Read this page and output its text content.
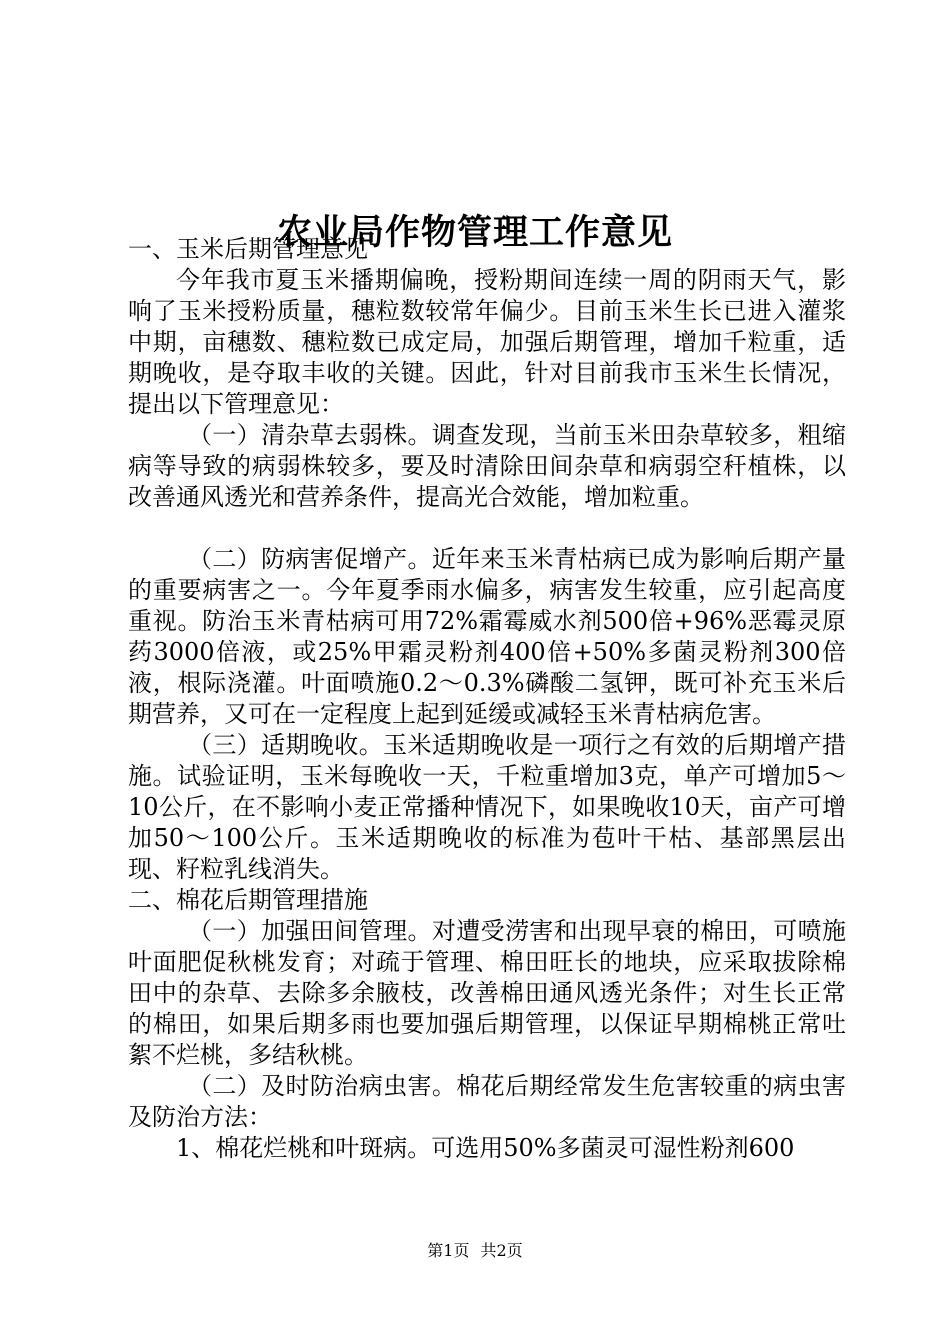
农业局作物管理工作意见

一、玉米后期管理意见

今年我市夏玉米播期偏晚，授粉期间连续一周的阴雨天气，影响了玉米授粉质量，穗粒数较常年偏少。目前玉米生长已进入灌浆中期，亩穗数、穗粒数已成定局，加强后期管理，增加千粒重，适期晚收，是夺取丰收的关键。因此，针对目前我市玉米生长情况，提出以下管理意见：

（一）清杂草去弱株。调查发现，当前玉米田杂草较多，粗缩病等导致的病弱株较多，要及时清除田间杂草和病弱空秆植株，以改善通风透光和营养条件，提高光合效能，增加粒重。

（二）防病害促增产。近年来玉米青枯病已成为影响后期产量的重要病害之一。今年夏季雨水偏多，病害发生较重，应引起高度重视。防治玉米青枯病可用72%霜霉威水剂500倍+96%恶霉灵原药3000倍液，或25%甲霜灵粉剂400倍+50%多菌灵粉剂300倍液，根际浇灌。叶面喷施0.2～0.3%磷酸二氢钾，既可补充玉米后期营养，又可在一定程度上起到延缓或减轻玉米青枯病危害。

（三）适期晚收。玉米适期晚收是一项行之有效的后期增产措施。试验证明，玉米每晚收一天，千粒重增加3克，单产可增加5～10公斤，在不影响小麦正常播种情况下，如果晚收10天，亩产可增加50～100公斤。玉米适期晚收的标准为苞叶干枯、基部黑层出现、籽粒乳线消失。

二、棉花后期管理措施

（一）加强田间管理。对遭受涝害和出现早衰的棉田，可喷施叶面肥促秋桃发育；对疏于管理、棉田旺长的地块，应采取拔除棉田中的杂草、去除多余腋枝，改善棉田通风透光条件；对生长正常的棉田，如果后期多雨也要加强后期管理，以保证早期棉桃正常吐絮不烂桃，多结秋桃。

（二）及时防治病虫害。棉花后期经常发生危害较重的病虫害及防治方法：

1、棉花烂桃和叶斑病。可选用50%多菌灵可湿性粉剂600

第1页 共2页
